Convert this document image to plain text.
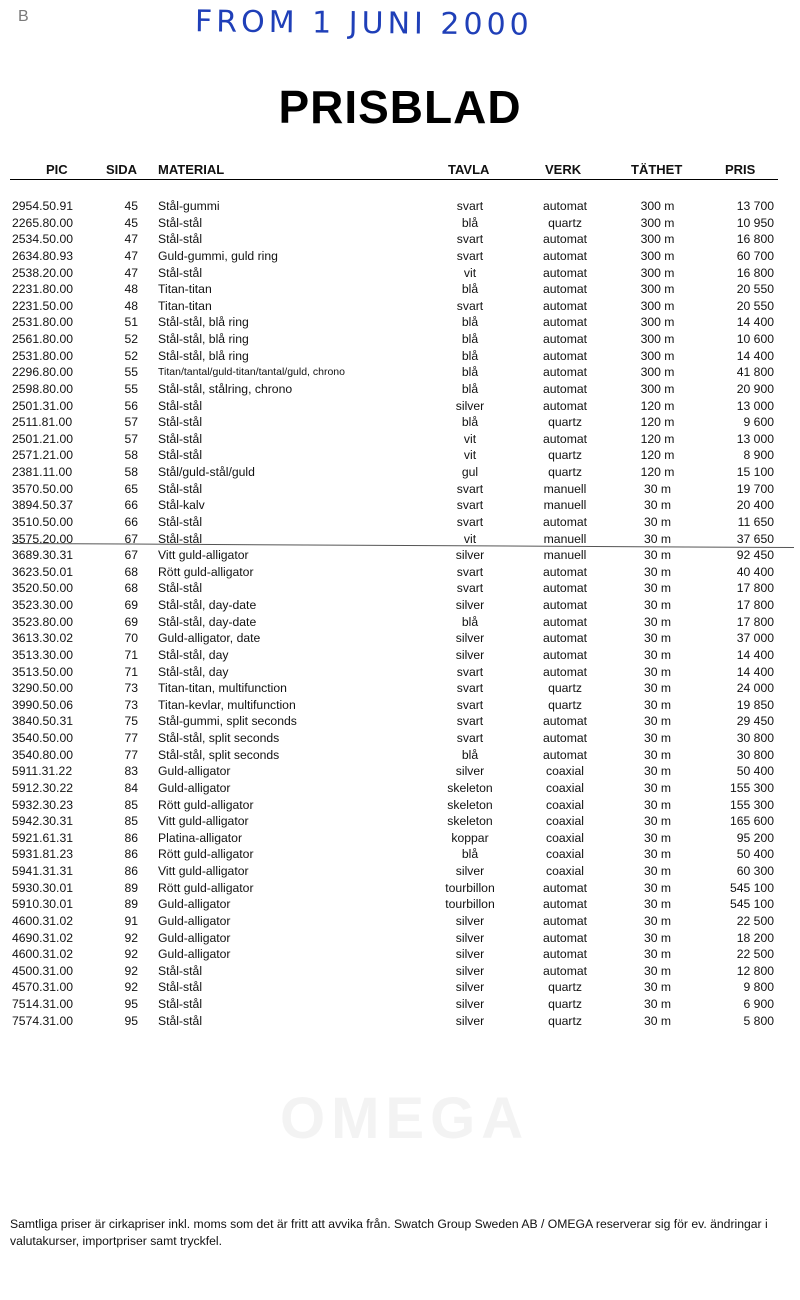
B	FROM 1 JUNI 2000
PRISBLAD
PIC	SIDA MATERIAL	TAVLA	VERK	TÄTHET	PRIS
2954.50.91	45 Stål-gummi	svart	automat	300 m	13 700
2265.80.00	45 Stål-stål	blå	quartz	300 m	10 950
2534.50.00	47 Stål-stål	svart	automat	300 m	16 800
2634.80.93	47 Guld-gummi, guld ring	svart	automat	300 m	60 700
2538.20.00	47 Stål-stål	vit	automat	300 m	16 800
2231.80.00	48 Titan-titan	blå	automat	300 m	20 550
2231.50.00	48 Titan-titan	svart	automat	300 m	20 550
2531.80.00	51 Stål-stål, blå ring	blå	automat	300 m	14 400
2561.80.00	52 Stål-stål, blå ring	blå	automat	300 m	10 600
2531.80.00	52 Stål-stål, blå ring	blå	automat	300 m	14 400
2296.80.00	55 Titan/tantal/guld-titan/tantal/guld, chrono	blå	automat	300 m	41 800
2598.80.00	55 Stål-stål, stålring, chrono	blå	automat	300 m	20 900
2501.31.00	56 Stål-stål	silver	automat	120 m	13 000
2511.81.00	57 Stål-stål	blå	quartz	120 m	9 600
2501.21.00	57 Stål-stål	vit	automat	120 m	13 000
2571.21.00	58 Stål-stål	vit	quartz	120 m	8 900
2381.11.00	58 Stål/guld-stål/guld	gul	quartz	120 m	15 100
3570.50.00	65 Stål-stål	svart	manuell	30 m	19 700
3894.50.37	66 Stål-kalv	svart	manuell	30 m	20 400
3510.50.00	66 Stål-stål	svart	automat	30 m	11 650
3575.20.00	67 Stål-stål	vit	manuell	30 m	37 650
3689.30.31	67 Vitt guld-alligator	silver	manuell	30 m	92 450
3623.50.01	68 Rött guld-alligator	svart	automat	30 m	40 400
3520.50.00	68 Stål-stål	svart	automat	30 m	17 800
3523.30.00	69 Stål-stål, day-date	silver	automat	30 m	17 800
3523.80.00	69 Stål-stål, day-date	blå	automat	30 m	17 800
3613.30.02	70 Guld-alligator, date	silver	automat	30 m	37 000
3513.30.00	71 Stål-stål, day	silver	automat	30 m	14 400
3513.50.00	71 Stål-stål, day	svart	automat	30 m	14 400
3290.50.00	73 Titan-titan, multifunction	svart	quartz	30 m	24 000
3990.50.06	73 Titan-kevlar, multifunction	svart	quartz	30 m	19 850
3840.50.31	75 Stål-gummi, split seconds	svart	automat	30 m	29 450
3540.50.00	77 Stål-stål, split seconds	svart	automat	30 m	30 800
3540.80.00	77 Stål-stål, split seconds	blå	automat	30 m	30 800
5911.31.22	83 Guld-alligator	silver	coaxial	30 m	50 400
5912.30.22	84 Guld-alligator	skeleton	coaxial	30 m	155 300
5932.30.23	85 Rött guld-alligator	skeleton	coaxial	30 m	155 300
5942.30.31	85 Vitt guld-alligator	skeleton	coaxial	30 m	165 600
5921.61.31	86 Platina-alligator	koppar	coaxial	30 m	95 200
5931.81.23	86 Rött guld-alligator	blå	coaxial	30 m	50 400
5941.31.31	86 Vitt guld-alligator	silver	coaxial	30 m	60 300
5930.30.01	89 Rött guld-alligator	tourbillon	automat	30 m	545 100
5910.30.01	89 Guld-alligator	tourbillon	automat	30 m	545 100
4600.31.02	91 Guld-alligator	silver	automat	30 m	22 500
4690.31.02	92 Guld-alligator	silver	automat	30 m	18 200
4600.31.02	92 Guld-alligator	silver	automat	30 m	22 500
4500.31.00	92 Stål-stål	silver	automat	30 m	12 800
4570.31.00	92 Stål-stål	silver	quartz	30 m	9 800
7514.31.00	95 Stål-stål	silver	quartz	30 m	6 900
7574.31.00	95 Stål-stål	silver	quartz	30 m	5 800
OMEGA
Samtliga priser är cirkapriser inkl. moms som det är fritt att avvika från. Swatch Group Sweden AB / OMEGA reserverar sig för ev. ändringar i valutakurser, importpriser samt tryckfel.
